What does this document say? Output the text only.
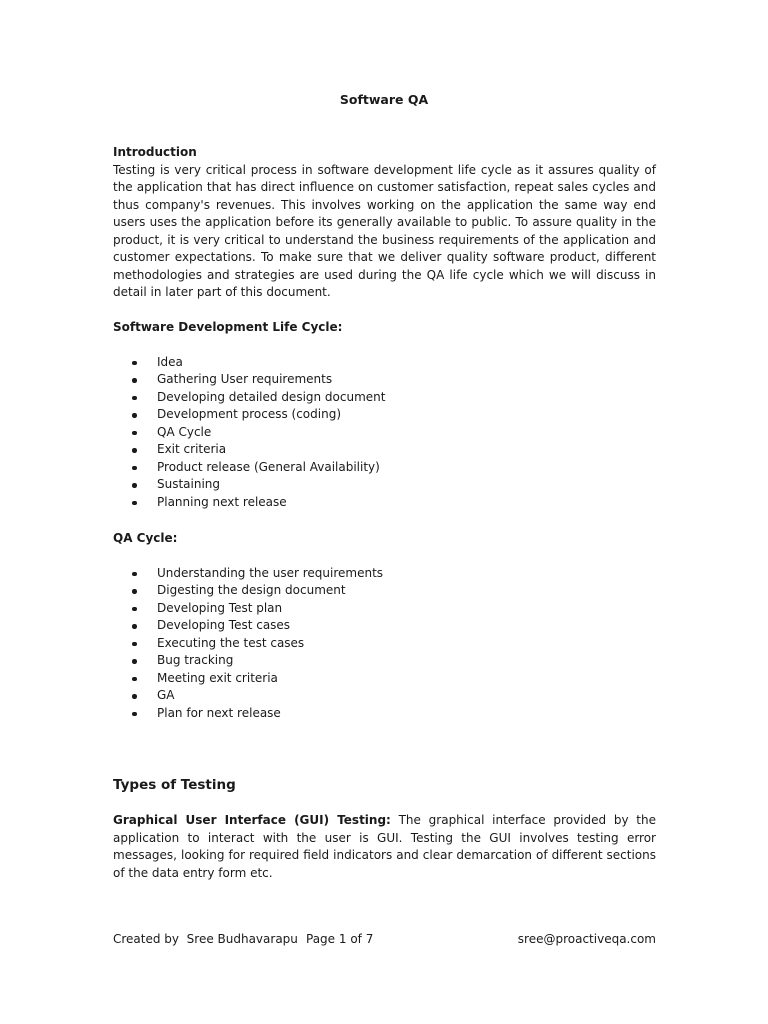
Software QA
Introduction

Testing is very critical process in software development life cycle as it assures quality of the application that has direct influence on customer satisfaction, repeat sales cycles and thus company's revenues. This involves working on the application the same way end users uses the application before its generally available to public. To assure quality in the product, it is very critical to understand the business requirements of the application and customer expectations. To make sure that we deliver quality software product, different methodologies and strategies are used during the QA life cycle which we will discuss in detail in later part of this document.

Software Development Life Cycle:
Idea
Gathering User requirements
Developing detailed design document
Development process (coding)
QA Cycle
Exit criteria
Product release (General Availability)
Sustaining
Planning next release
QA Cycle:
Understanding the user requirements
Digesting the design document
Developing Test plan
Developing Test cases
Executing the test cases
Bug tracking
Meeting exit criteria
GA
Plan for next release
Types of Testing

Graphical User Interface (GUI) Testing: The graphical interface provided by the application to interact with the user is GUI. Testing the GUI involves testing error messages, looking for required field indicators and clear demarcation of different sections of the data entry form etc.

Created by  Sree Budhavarapu Page 1 of 7	sree@proactiveqa.com
